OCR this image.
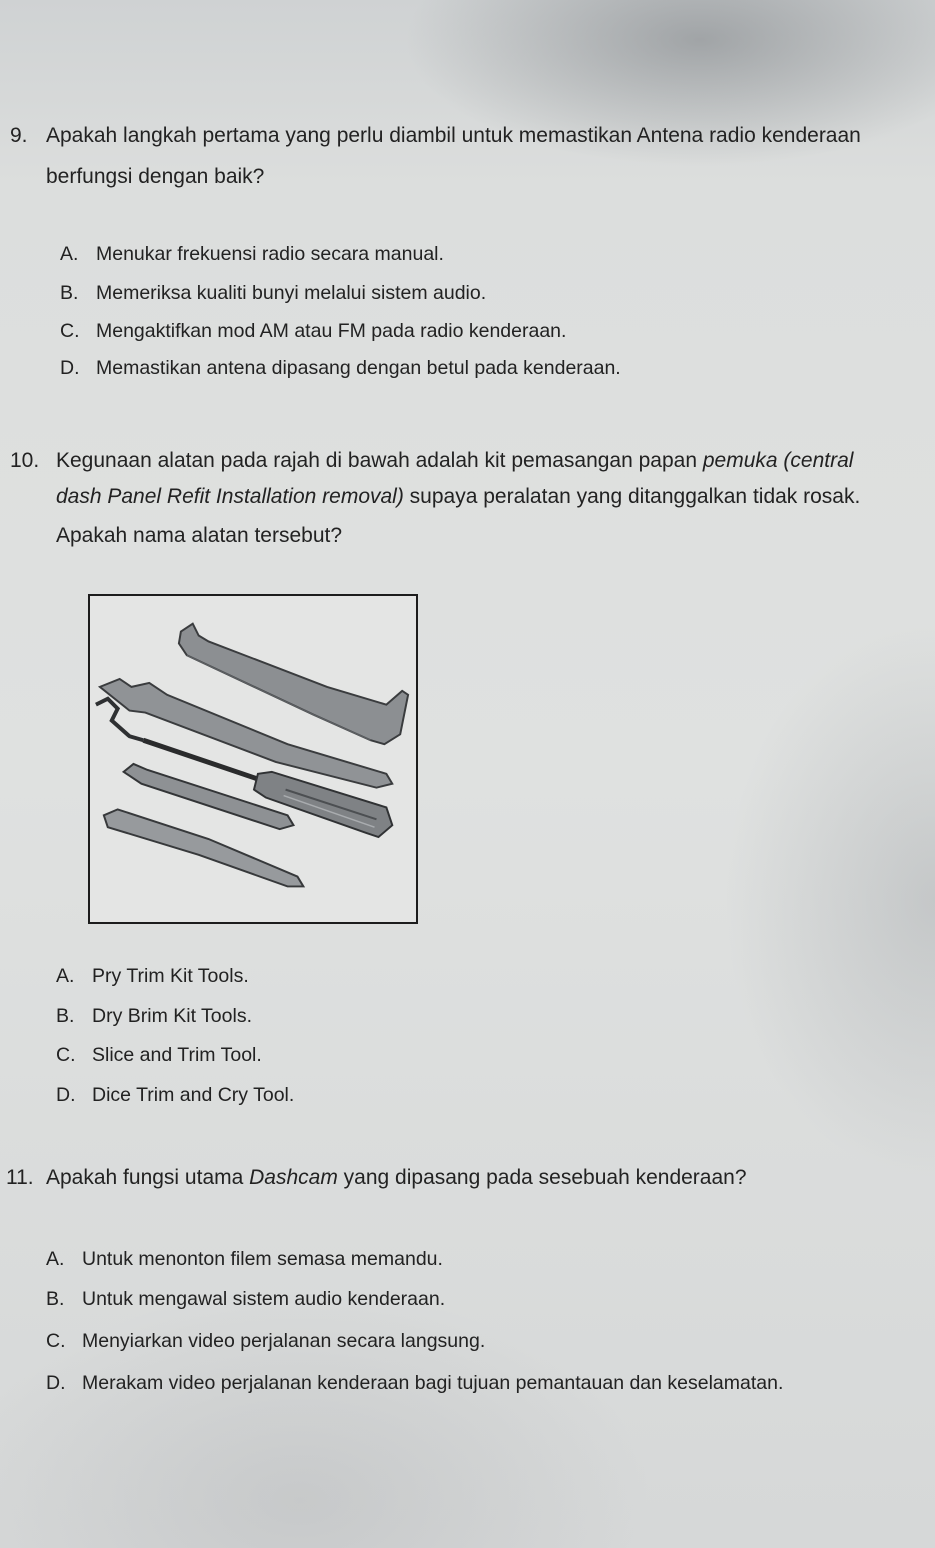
9. Apakah langkah pertama yang perlu diambil untuk memastikan Antena radio kenderaan
berfungsi dengan baik?
A. Menukar frekuensi radio secara manual.
B. Memeriksa kualiti bunyi melalui sistem audio.
C. Mengaktifkan mod AM atau FM pada radio kenderaan.
D. Memastikan antena dipasang dengan betul pada kenderaan.
10. Kegunaan alatan pada rajah di bawah adalah kit pemasangan papan pemuka (central
dash Panel Refit Installation removal) supaya peralatan yang ditanggalkan tidak rosak.
Apakah nama alatan tersebut?
A. Pry Trim Kit Tools.
B. Dry Brim Kit Tools.
C. Slice and Trim Tool.
D. Dice Trim and Cry Tool.
11. Apakah fungsi utama Dashcam yang dipasang pada sesebuah kenderaan?
A. Untuk menonton filem semasa memandu.
B. Untuk mengawal sistem audio kenderaan.
C. Menyiarkan video perjalanan secara langsung.
D. Merakam video perjalanan kenderaan bagi tujuan pemantauan dan keselamatan.
